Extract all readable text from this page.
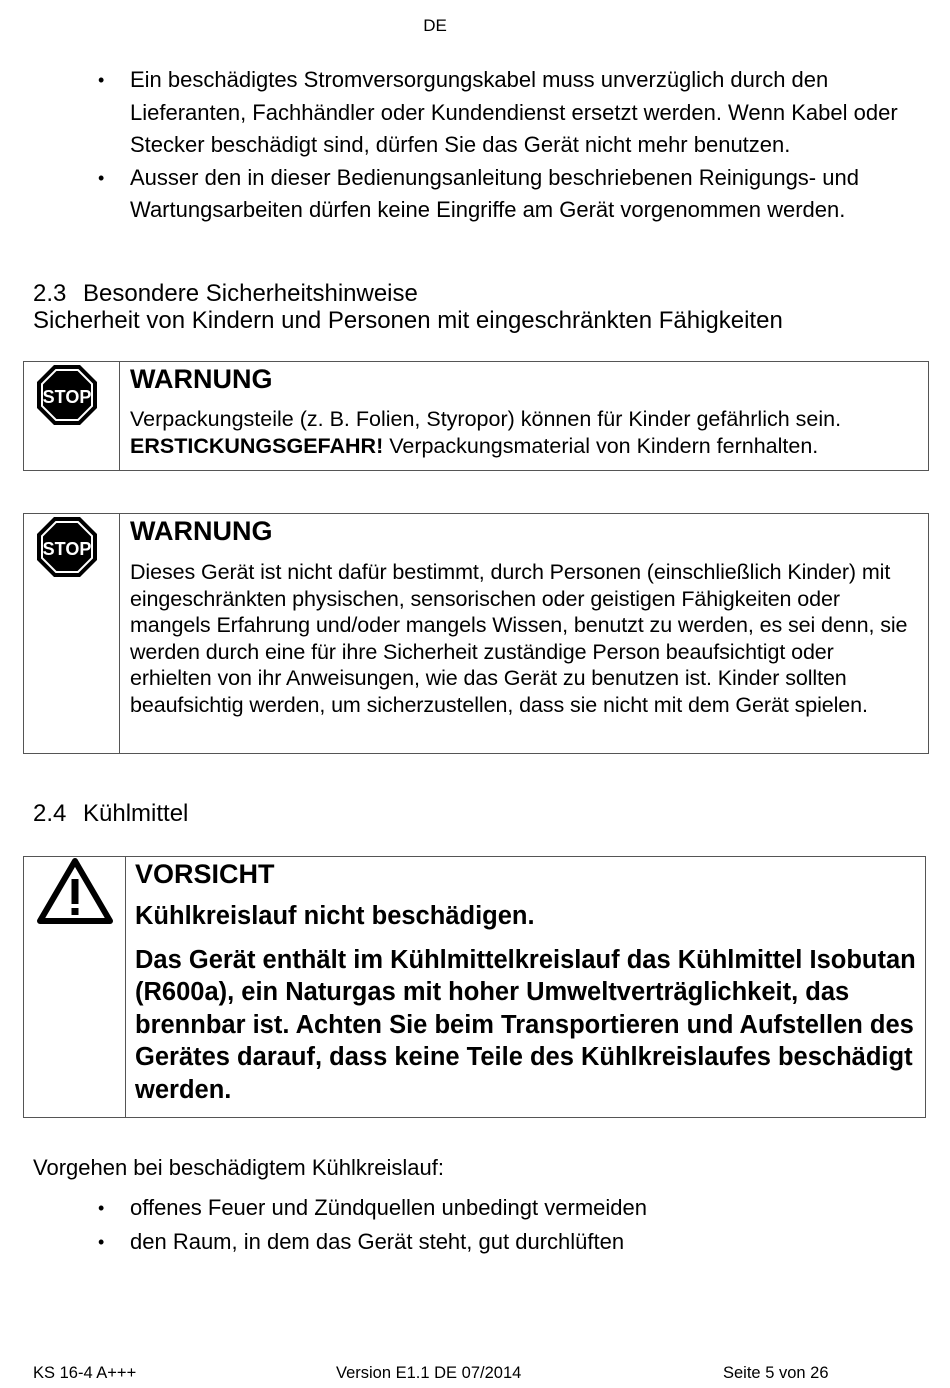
DE
• Ein beschädigtes Stromversorgungskabel muss unverzüglich durch den Lieferanten, Fachhändler oder Kundendienst ersetzt werden. Wenn Kabel oder Stecker beschädigt sind, dürfen Sie das Gerät nicht mehr benutzen.
• Ausser den in dieser Bedienungsanleitung beschriebenen Reinigungs- und Wartungsarbeiten dürfen keine Eingriffe am Gerät vorgenommen werden.
2.3 Besondere Sicherheitshinweise
Sicherheit von Kindern und Personen mit eingeschränkten Fähigkeiten
STOP

WARNUNG

Verpackungsteile (z. B. Folien, Styropor) können für Kinder gefährlich sein.
ERSTICKUNGSGEFAHR! Verpackungsmaterial von Kindern fernhalten.

STOP

WARNUNG

Dieses Gerät ist nicht dafür bestimmt, durch Personen (einschließlich Kinder) mit eingeschränkten physischen, sensorischen oder geistigen Fähigkeiten oder mangels Erfahrung und/oder mangels Wissen, benutzt zu werden, es sei denn, sie werden durch eine für ihre Sicherheit zuständige Person beaufsichtigt oder erhielten von ihr Anweisungen, wie das Gerät zu benutzen ist. Kinder sollten beaufsichtig werden, um sicherzustellen, dass sie nicht mit dem Gerät spielen.

2.4 Kühlmittel
VORSICHT
Kühlkreislauf nicht beschädigen.
Das Gerät enthält im Kühlmittelkreislauf das Kühlmittel Isobutan (R600a), ein Naturgas mit hoher Umweltverträglichkeit, das brennbar ist. Achten Sie beim Transportieren und Aufstellen des Gerätes darauf, dass keine Teile des Kühlkreislaufes beschädigt werden.
Vorgehen bei beschädigtem Kühlkreislauf:
• offenes Feuer und Zündquellen unbedingt vermeiden
• den Raum, in dem das Gerät steht, gut durchlüften
KS 16-4 A+++	Version E1.1 DE 07/2014	Seite 5 von 26
